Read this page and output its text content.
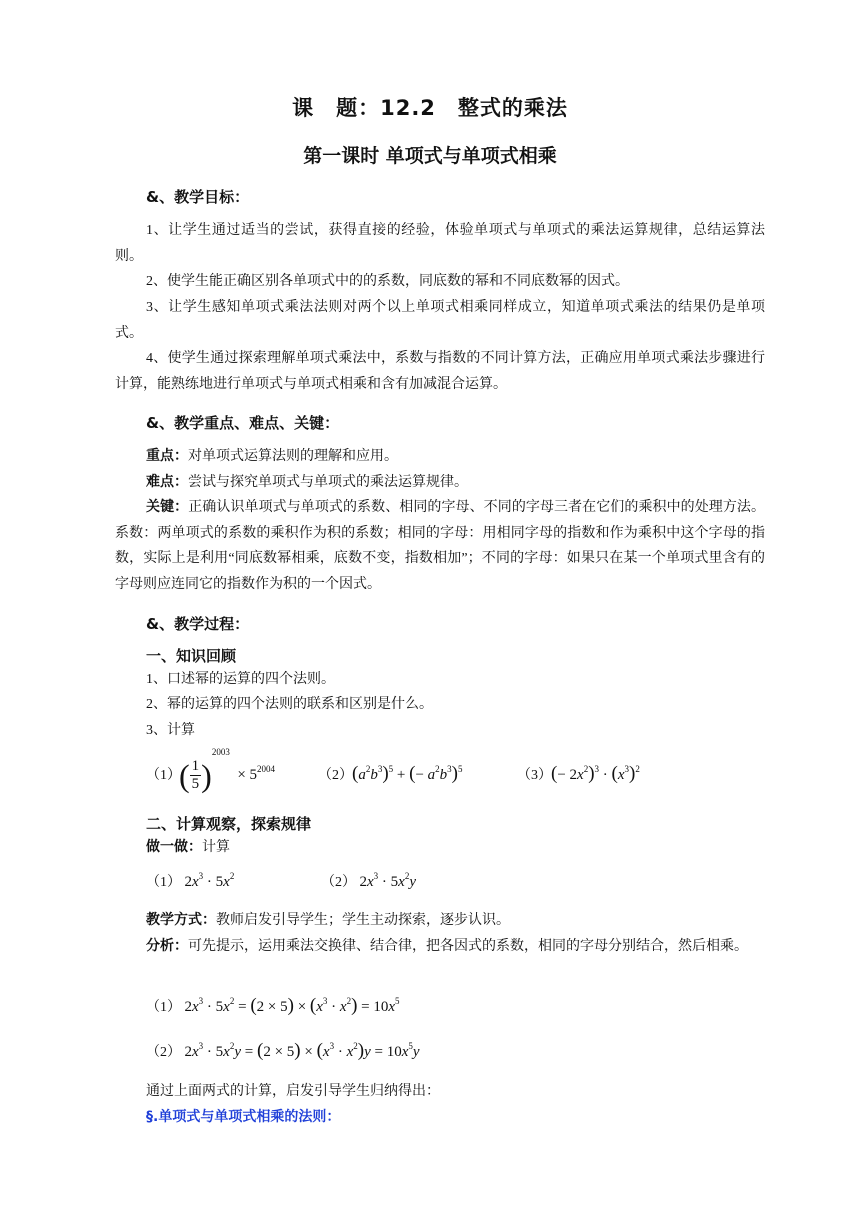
课　题：12.2　整式的乘法
第一课时 单项式与单项式相乘
&、教学目标：
1、让学生通过适当的尝试，获得直接的经验，体验单项式与单项式的乘法运算规律，总结运算法则。
2、使学生能正确区别各单项式中的的系数，同底数的幂和不同底数幂的因式。
3、让学生感知单项式乘法法则对两个以上单项式相乘同样成立，知道单项式乘法的结果仍是单项式。
4、使学生通过探索理解单项式乘法中，系数与指数的不同计算方法，正确应用单项式乘法步骤进行计算，能熟练地进行单项式与单项式相乘和含有加减混合运算。
&、教学重点、难点、关键：
重点：对单项式运算法则的理解和应用。
难点：尝试与探究单项式与单项式的乘法运算规律。
关键：正确认识单项式与单项式的系数、相同的字母、不同的字母三者在它们的乘积中的处理方法。系数：两单项式的系数的乘积作为积的系数；相同的字母：用相同字母的指数和作为乘积中这个字母的指数，实际上是利用“同底数幂相乘，底数不变，指数相加”；不同的字母：如果只在某一个单项式里含有的字母则应连同它的指数作为积的一个因式。
&、教学过程：
一、知识回顾
1、口述幂的运算的四个法则。
2、幂的运算的四个法则的联系和区别是什么。
3、计算
（1）
( $\frac{1}{5} )^{2003} \times 5^{2004}$	（2） $(a^2b^3)^5$ + (− $a^2b^3)^5$	（3） (− $2x^2)^3 \cdot (x^3)^2$
二、计算观察，探索规律
做一做：计算
（1） $2x^3 \cdot 5x^2$	（2） $2x^3 \cdot 5x^2y$
教学方式：教师启发引导学生；学生主动探索，逐步认识。
分析：可先提示，运用乘法交换律、结合律，把各因式的系数，相同的字母分别结合，然后相乘。
（1） $2x^3 \cdot 5x^2 = (2 \times 5) \times (x^3 \cdot x^2) = 10x^5$
（2） $2x^3 \cdot 5x^2y = (2 \times 5) \times (x^3 \cdot x^2)y = 10x^5y$
通过上面两式的计算，启发引导学生归纳得出：
§.单项式与单项式相乘的法则：
